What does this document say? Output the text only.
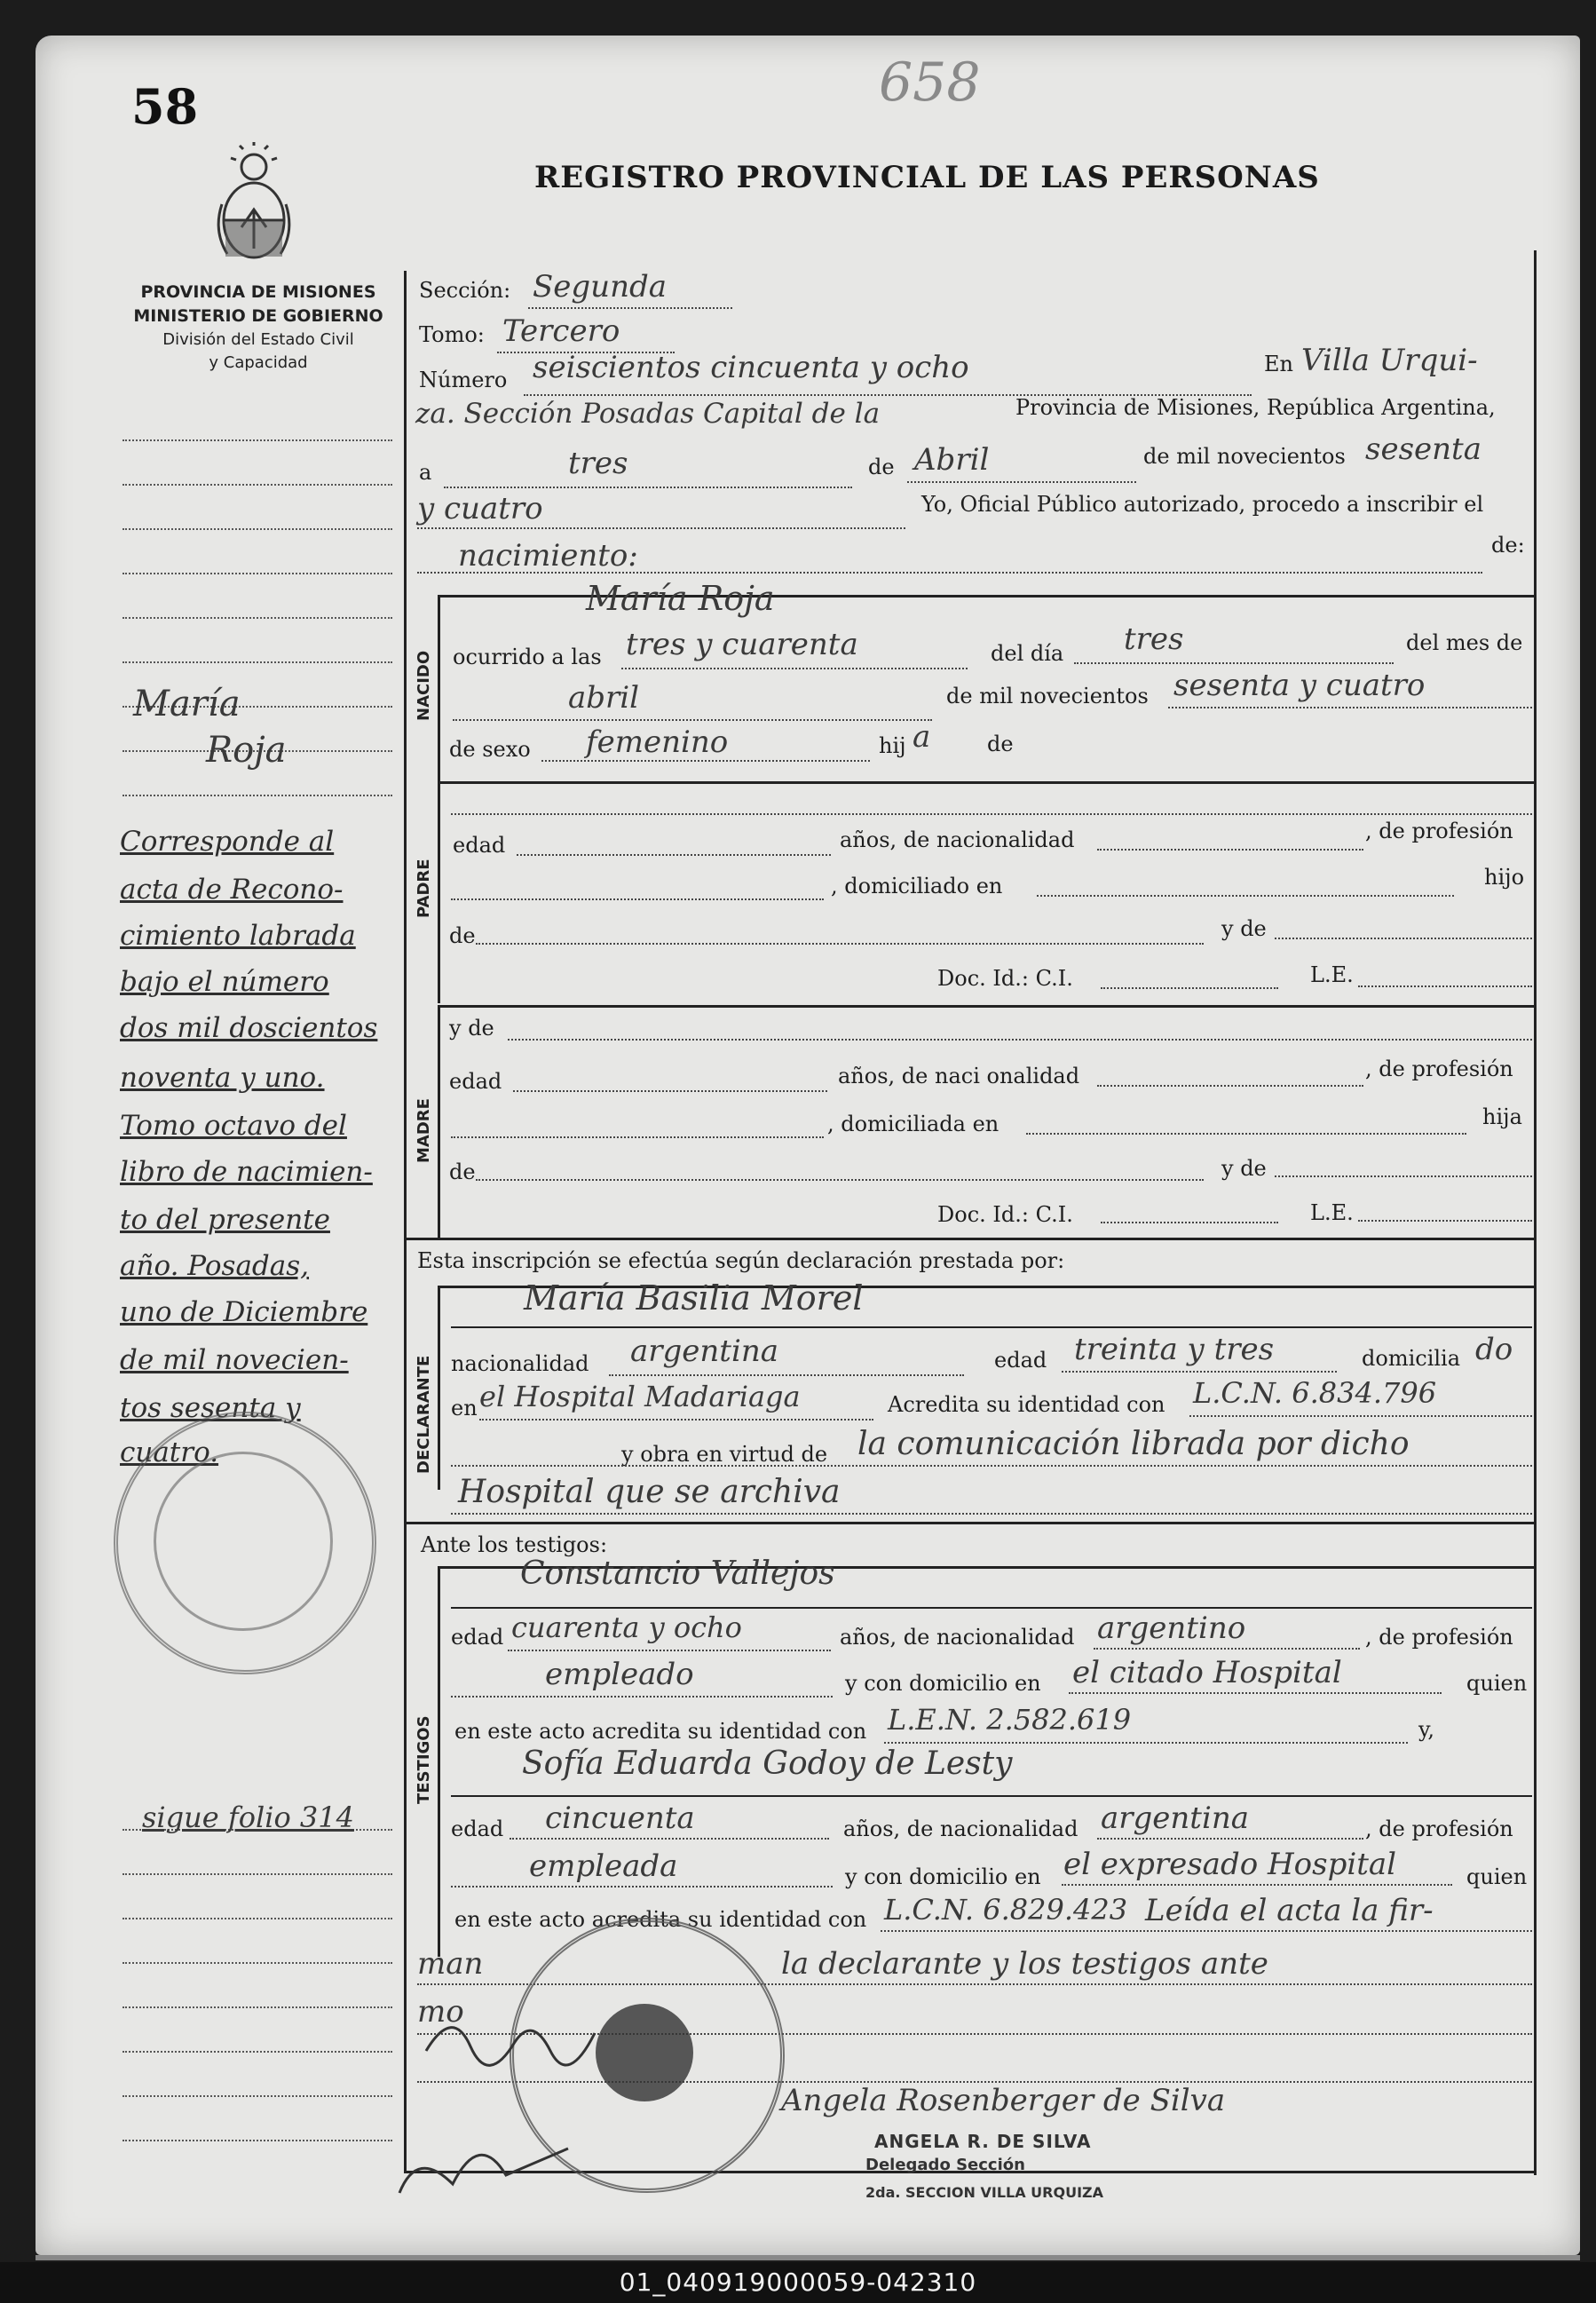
58	658
REGISTRO PROVINCIAL DE LAS PERSONAS
PROVINCIA DE MISIONES
MINISTERIO DE GOBIERNO
División del Estado Civil
y Capacidad
María
Roja
Corresponde al
acta de Recono-
cimiento labrada
bajo el número
dos mil doscientos
noventa y uno.
Tomo octavo del
libro de nacimien-
to del presente
año. Posadas,
uno de Diciembre
de mil novecien-
tos sesenta y
cuatro.
sigue folio 314
Sección: Segunda
Tomo: Tercero
Número seiscientos cincuenta y ocho	En Villa Urqui-
za. Sección Posadas Capital de la	Provincia de Misiones, República Argentina,
a	tres	de Abril	de mil novecientos sesenta
y cuatro	Yo, Oficial Público autorizado, procedo a inscribir el
nacimiento:	de:
NACIDO
María Roja
ocurrido a las tres y cuarenta	del día tres	del mes de
abril	de mil novecientos sesenta y cuatro
de sexo femenino	hij a	de
PADRE
edad	años, de nacionalidad	, de profesión
, domiciliado en	hijo
de	y de
Doc. Id.: C.I.	L.E.
y de
MADRE
edad	años, de naci onalidad	, de profesión
, domiciliada en	hija
de	y de
Doc. Id.: C.I.	L.E.
Esta inscripción se efectúa según declaración prestada por:
DECLARANTE
María Basilia Morel
nacionalidad argentina	edad treinta y tres	domicilia do
en el Hospital Madariaga	Acredita su identidad con L.C.N. 6.834.796
y obra en virtud de la comunicación librada por dicho
Hospital que se archiva
Ante los testigos:
TESTIGOS
Constancio Vallejos
edad cuarenta y ocho	años, de nacionalidad argentino	, de profesión
empleado	y con domicilio en el citado Hospital	quien
en este acto acredita su identidad con L.E.N. 2.582.619	y,
Sofía Eduarda Godoy de Lesty
edad cincuenta	años, de nacionalidad argentina	, de profesión
empleada	y con domicilio en el expresado Hospital	quien
en este acto acredita su identidad con L.C.N. 6.829.423 Leída el acta la fir-
man	la declarante y los testigos ante
mo
Angela Rosenberger de Silva
ANGELA R. DE SILVA
Delegado Sección
2da. SECCION VILLA URQUIZA
01_040919000059-042310
